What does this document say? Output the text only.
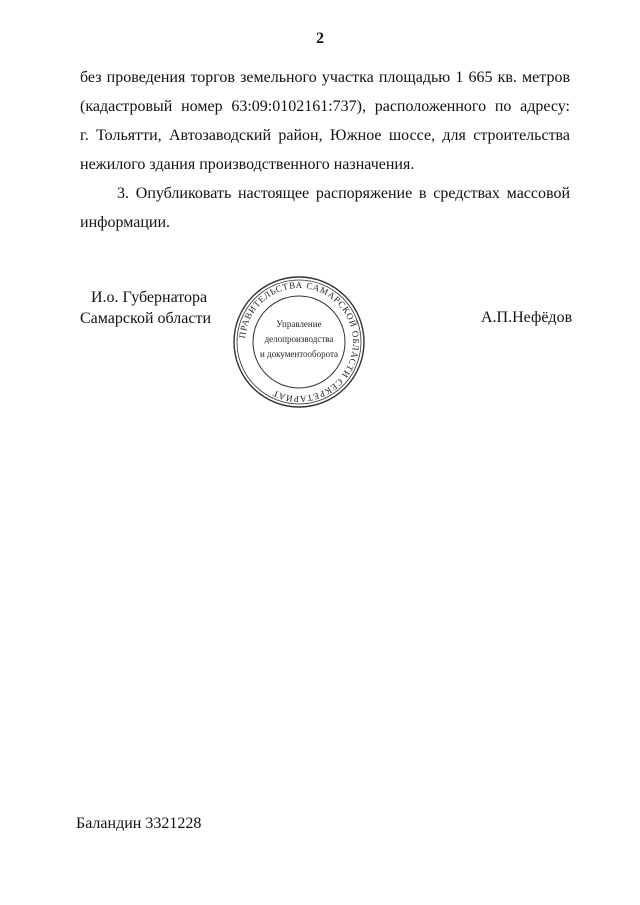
2
без проведения торгов земельного участка площадью 1 665 кв. метров
(кадастровый номер 63:09:0102161:737), расположенного по адресу:
г. Тольятти, Автозаводский район, Южное шоссе, для строительства
нежилого здания производственного назначения.
3. Опубликовать настоящее распоряжение в средствах массовой
информации.
И.о. Губернатора
Самарской области	А.П.Нефёдов
ПРАВИТЕЛЬСТВА САМАРСКОЙ ОБЛАСТИ СЕКРЕТАРИАТ
Управление
делопроизводства
и документооборота
Баландин 3321228
